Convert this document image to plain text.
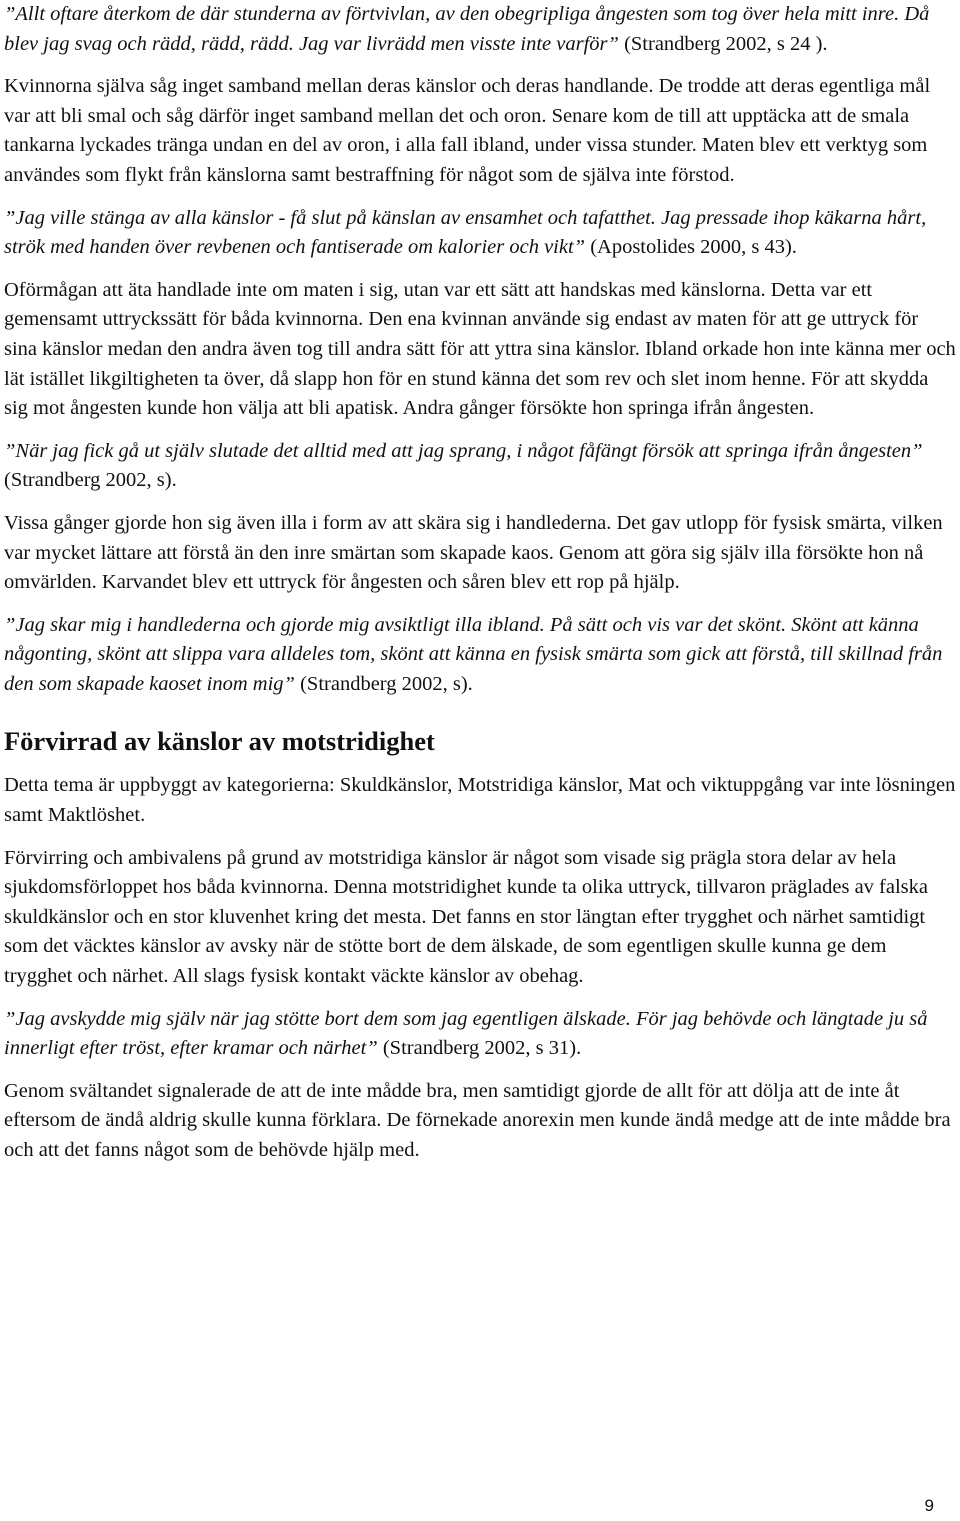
”Allt oftare återkom de där stunderna av förtvivlan, av den obegripliga ångesten som tog över hela mitt inre. Då blev jag svag och rädd, rädd, rädd. Jag var livrädd men visste inte varför” (Strandberg 2002, s 24 ).

Kvinnorna själva såg inget samband mellan deras känslor och deras handlande. De trodde att deras egentliga mål var att bli smal och såg därför inget samband mellan det och oron. Senare kom de till att upptäcka att de smala tankarna lyckades tränga undan en del av oron, i alla fall ibland, under vissa stunder. Maten blev ett verktyg som användes som flykt från känslorna samt bestraffning för något som de själva inte förstod.

”Jag ville stänga av alla känslor - få slut på känslan av ensamhet och tafatthet. Jag pressade ihop käkarna hårt, strök med handen över revbenen och fantiserade om kalorier och vikt” (Apostolides 2000, s 43).

Oförmågan att äta handlade inte om maten i sig, utan var ett sätt att handskas med känslorna. Detta var ett gemensamt uttryckssätt för båda kvinnorna. Den ena kvinnan använde sig endast av maten för att ge uttryck för sina känslor medan den andra även tog till andra sätt för att yttra sina känslor. Ibland orkade hon inte känna mer och lät istället likgiltigheten ta över, då slapp hon för en stund känna det som rev och slet inom henne. För att skydda sig mot ångesten kunde hon välja att bli apatisk. Andra gånger försökte hon springa ifrån ångesten.

”När jag fick gå ut själv slutade det alltid med att jag sprang, i något fåfängt försök att springa ifrån ångesten” (Strandberg 2002, s).

Vissa gånger gjorde hon sig även illa i form av att skära sig i handlederna. Det gav utlopp för fysisk smärta, vilken var mycket lättare att förstå än den inre smärtan som skapade kaos. Genom att göra sig själv illa försökte hon nå omvärlden. Karvandet blev ett uttryck för ångesten och såren blev ett rop på hjälp.

”Jag skar mig i handlederna och gjorde mig avsiktligt illa ibland. På sätt och vis var det skönt. Skönt att känna någonting, skönt att slippa vara alldeles tom, skönt att känna en fysisk smärta som gick att förstå, till skillnad från den som skapade kaoset inom mig” (Strandberg 2002, s).

Förvirrad av känslor av motstridighet

Detta tema är uppbyggt av kategorierna: Skuldkänslor, Motstridiga känslor, Mat och viktuppgång var inte lösningen samt Maktlöshet.

Förvirring och ambivalens på grund av motstridiga känslor är något som visade sig prägla stora delar av hela sjukdomsförloppet hos båda kvinnorna. Denna motstridighet kunde ta olika uttryck, tillvaron präglades av falska skuldkänslor och en stor kluvenhet kring det mesta. Det fanns en stor längtan efter trygghet och närhet samtidigt som det väcktes känslor av avsky när de stötte bort de dem älskade, de som egentligen skulle kunna ge dem trygghet och närhet. All slags fysisk kontakt väckte känslor av obehag.

”Jag avskydde mig själv när jag stötte bort dem som jag egentligen älskade. För jag behövde och längtade ju så innerligt efter tröst, efter kramar och närhet” (Strandberg 2002, s 31).

Genom svältandet signalerade de att de inte mådde bra, men samtidigt gjorde de allt för att dölja att de inte åt eftersom de ändå aldrig skulle kunna förklara. De förnekade anorexin men kunde ändå medge att de inte mådde bra och att det fanns något som de behövde hjälp med.

9
